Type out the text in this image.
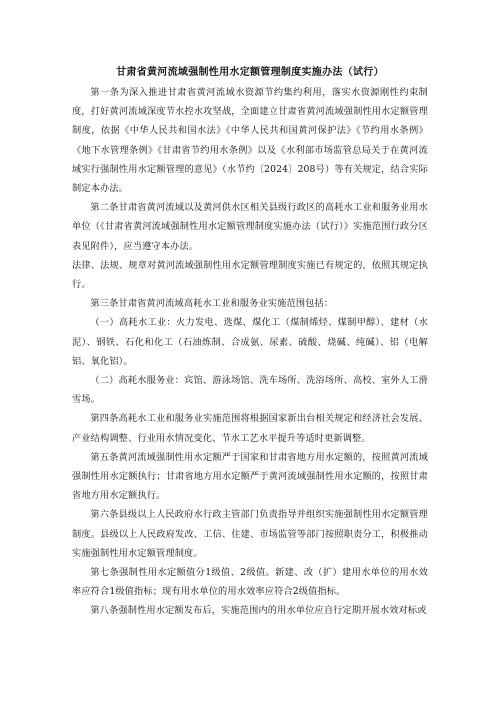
甘肃省黄河流域强制性用水定额管理制度实施办法（试行）

第一条为深入推进甘肃省黄河流域水资源节约集约利用，落实水资源刚性约束制度，打好黄河流域深度节水控水攻坚战，全面建立甘肃省黄河流域强制性用水定额管理制度，依据《中华人民共和国水法》《中华人民共和国黄河保护法》《节约用水条例》《地下水管理条例》《甘肃省节约用水条例》以及《水利部市场监管总局关于在黄河流域实行强制性用水定额管理的意见》（水节约〔2024〕208号）等有关规定，结合实际制定本办法。

第二条甘肃省黄河流域以及黄河供水区相关县级行政区的高耗水工业和服务业用水单位（《甘肃省黄河流域强制性用水定额管理制度实施办法（试行）》实施范围行政分区表见附件），应当遵守本办法。

法律、法规、规章对黄河流域强制性用水定额管理制度实施已有规定的，依照其规定执行。

第三条甘肃省黄河流域高耗水工业和服务业实施范围包括：

（一）高耗水工业：火力发电、选煤、煤化工（煤制烯烃、煤制甲醇）、建材（水泥）、钢铁、石化和化工（石油炼制、合成氨、尿素、硫酸、烧碱、纯碱）、铝（电解铝、氧化铝）。

（二）高耗水服务业：宾馆、游泳场馆、洗车场所、洗浴场所、高校、室外人工滑雪场。

第四条高耗水工业和服务业实施范围将根据国家新出台相关规定和经济社会发展、产业结构调整、行业用水情况变化、节水工艺水平提升等适时更新调整。

第五条黄河流域强制性用水定额严于国家和甘肃省地方用水定额的，按照黄河流域强制性用水定额执行；甘肃省地方用水定额严于黄河流域强制性用水定额的，按照甘肃省地方用水定额执行。

第六条县级以上人民政府水行政主管部门负责指导并组织实施强制性用水定额管理制度。县级以上人民政府发改、工信、住建、市场监管等部门按照职责分工，积极推动实施强制性用水定额管理制度。

第七条强制性用水定额值分1级值、2级值。新建、改（扩）建用水单位的用水效率应符合1级值指标；现有用水单位的用水效率应符合2级值指标。

第八条强制性用水定额发布后，实施范围内的用水单位应自行定期开展水效对标或
